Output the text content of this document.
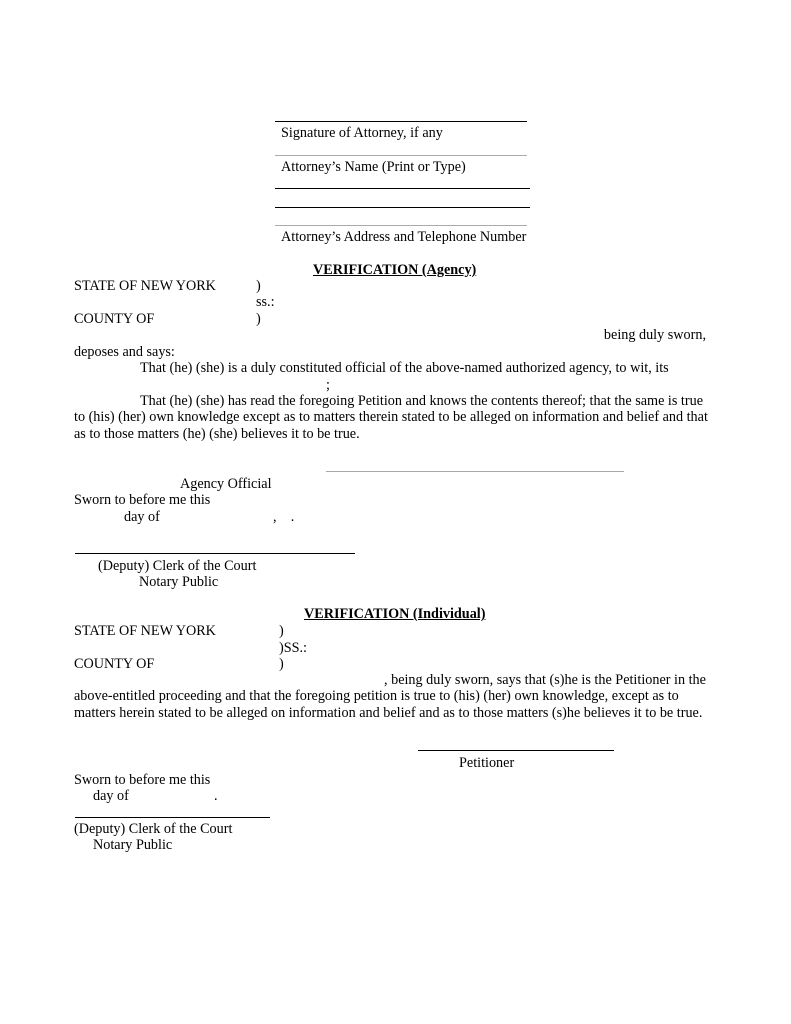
Signature of Attorney, if any
Attorney’s Name (Print or Type)
Attorney’s Address and Telephone Number
VERIFICATION (Agency)
STATE OF NEW YORK	)
ss.:
COUNTY OF	)
being duly sworn,
deposes and says:
That (he) (she) is a duly constituted official of the above-named authorized agency, to wit, its
;
That (he) (she) has read the foregoing Petition and knows the contents thereof; that the same is true
to (his) (her) own knowledge except as to matters therein stated to be alleged on information and belief and that as to those matters (he) (she) believes it to be true.
Agency Official
Sworn to before me this
day of	,    .
(Deputy) Clerk of the Court
Notary Public
VERIFICATION (Individual)
STATE OF NEW YORK	)
)SS.:
COUNTY OF	)
, being duly sworn, says that (s)he is the Petitioner in the
above-entitled proceeding and that the foregoing petition is true to (his) (her) own knowledge, except as to matters herein stated to be alleged on information and belief and as to those matters (s)he believes it to be true.
Petitioner
Sworn to before me this
day of	.
(Deputy) Clerk of the Court
Notary Public
